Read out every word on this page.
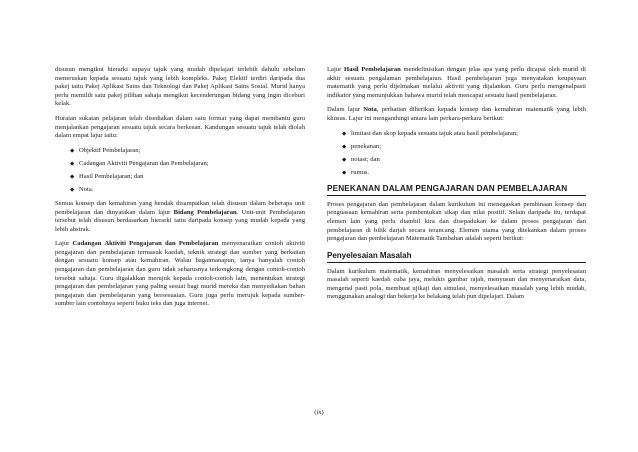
disusun mengikut hierarki supaya tajuk yang mudah dipelajari terlebih dahulu sebelum meneruskan kepada sesuatu tajuk yang lebih kompleks. Pakej Elektif terdiri daripada dua pakej iaitu Pakej Aplikasi Sains dan Teknologi dan Pakej Aplikasi Sains Sosial. Murid hanya perlu memilih satu pakej pilihan sahaja mengikut kecenderungan bidang yang ingin diceburi kelak.

Huraian sukatan pelajaran telah disediakan dalam satu format yang dapat membantu guru menjalankan pengajaran sesuatu tajuk secara berkesan. Kandungan sesuatu tajuk telah diolah dalam empat lajur iaitu:

◆ Objektif Pembelajaran;
◆ Cadangan Aktiviti Pengajaran dan Pembelajaran;
◆ Hasil Pembelajaran; dan
◆ Nota.

Semua konsep dan kemahiran yang hendak disampaikan telah disusun dalam beberapa unit pembelajaran dan dinyatakan dalam lajur Bidang Pembelajaran. Unit-unit Pembelajaran tersebut telah disusun berdasarkan hierarki iaitu daripada konsep yang mudah kepada yang lebih abstrak.

Lajur Cadangan Aktiviti Pengajaran dan Pembelajaran menyenaraikan contoh aktiviti pengajaran dan pembelajaran termasuk kaedah, teknik strategi dan sumber yang berkaitan dengan sesuatu konsep atau kemahiran. Walau bagaimanapun, ianya hanyalah contoh pengajaran dan pembelajaran dan guru tidak seharusnya terkongkong dengan contoh-contoh tersebut sahaja. Guru digalakkan merujuk kepada contoh-contoh lain, menentukan strategi pengajaran dan pembelajaran yang paling sesuai bagi murid mereka dan menyediakan bahan pengajaran dan pembelajaran yang bersesuaian. Guru juga perlu merujuk kepada sumber-sumber lain contohnya seperti buku teks dan juga internet.

Lajur Hasil Pembelajaran mendefinisikan dengan jelas apa yang perlu dicapai oleh murid di akhir sesuatu pengalaman pembelajaran. Hasil pembelajaran juga menyatakan keupayaan matematik yang perlu dijelmakan melalui aktiviti yang dijalankan. Guru perlu mengenalpasti indikator yang menunjukkan bahawa murid telah mencapai sesuatu hasil pembelajaran.

Dalam lajur Nota, perhatian diberikan kepada konsep dan kemahiran matematik yang lebih khusus. Lajur ini mengandungi antara lain perkara-perkara berikut:

◆ limitasi dan skop kepada sesuatu tajuk atau hasil pembelajaran;
◆ penekanan;
◆ notasi; dan
◆ rumus.
PENEKANAN DALAM PENGAJARAN DAN PEMBELAJARAN

Proses pengajaran dan pembelajaran dalam kurikulum ini menegaskan pembinaan konsep dan penguasaan kemahiran serta pembentukan sikap dan nilai positif. Selain daripada itu, terdapat elemen lain yang perlu diambil kira dan disepadukan ke dalam proses pengajaran dan pembelajaran di bilik darjah secara terancang. Elemen utama yang ditekankan dalam proses pengajaran dan pembelajaran Matematik Tambahan adalah seperti berikut:

Penyelesaian Masalah

Dalam kurikulum matematik, kemahiran menyelesaikan masalah serta strategi penyelesaian masalah seperti kaedah cuba jaya, melukis gambar rajah, menyusun dan menyenaraikan data, mengenal pasti pola, membuat ujikaji dan simulasi, menyelesaikan masalah yang lebih mudah, menggunakan analogi dan bekerja ke belakang telah pun dipelajari. Dalam

(ix)
